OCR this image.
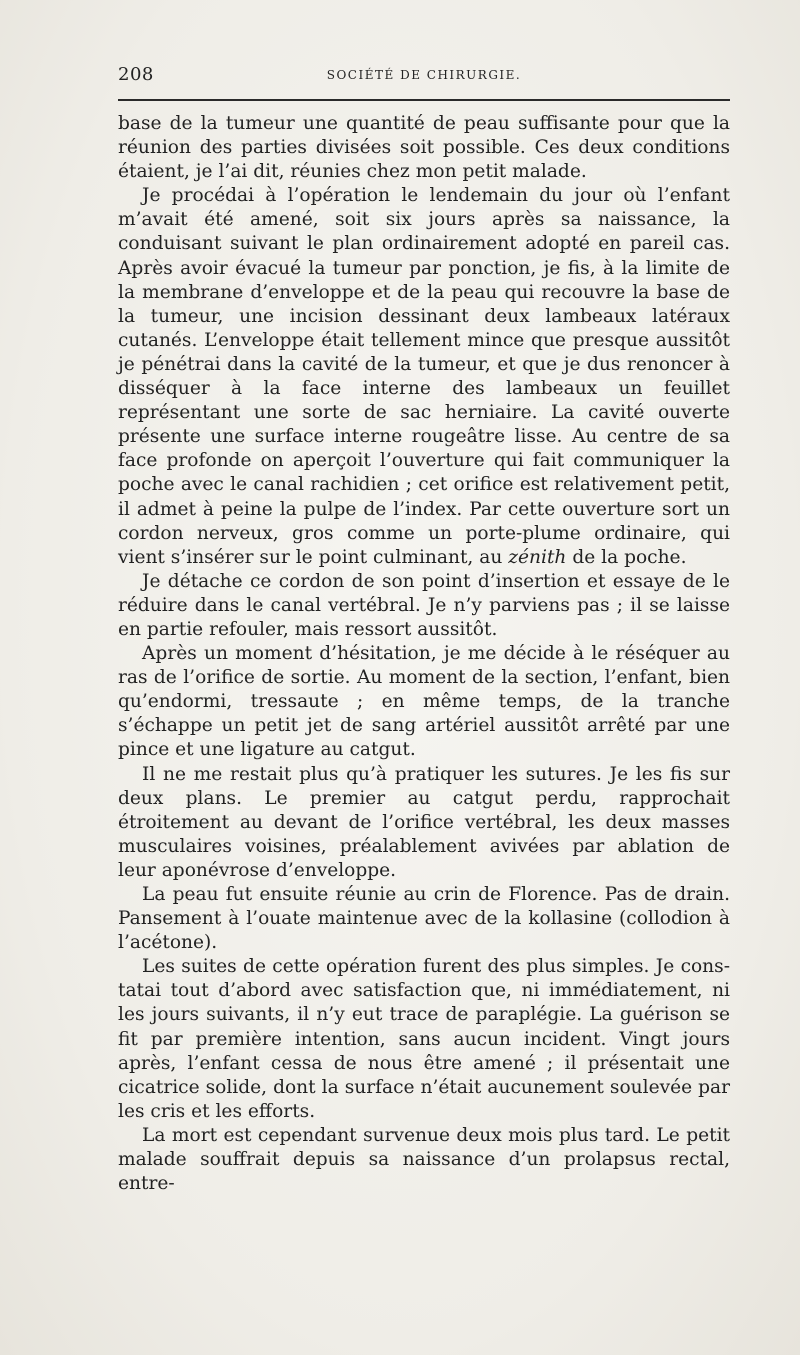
208	SOCIÉTÉ DE CHIRURGIE.

base de la tumeur une quantité de peau suffisante pour que la réunion des parties divisées soit possible. Ces deux conditions étaient, je l’ai dit, réunies chez mon petit malade.

Je procédai à l’opération le lendemain du jour où l’enfant m’avait été amené, soit six jours après sa naissance, la conduisant suivant le plan ordinairement adopté en pareil cas. Après avoir évacué la tumeur par ponction, je fis, à la limite de la membrane d’enveloppe et de la peau qui recouvre la base de la tumeur, une incision dessinant deux lambeaux latéraux cutanés. L’enveloppe était tellement mince que presque aussitôt je pénétrai dans la cavité de la tumeur, et que je dus renoncer à disséquer à la face interne des lambeaux un feuillet représentant une sorte de sac herniaire. La cavité ouverte présente une surface interne rougeâtre lisse. Au centre de sa face profonde on aperçoit l’ouverture qui fait communiquer la poche avec le canal rachidien ; cet orifice est relativement petit, il admet à peine la pulpe de l’index. Par cette ouverture sort un cordon nerveux, gros comme un porte-plume ordinaire, qui vient s’insérer sur le point culminant, au zénith de la poche.

Je détache ce cordon de son point d’insertion et essaye de le réduire dans le canal vertébral. Je n’y parviens pas ; il se laisse en partie refouler, mais ressort aussitôt.

Après un moment d’hésitation, je me décide à le réséquer au ras de l’orifice de sortie. Au moment de la section, l’enfant, bien qu’endormi, tressaute ; en même temps, de la tranche s’échappe un petit jet de sang artériel aussitôt arrêté par une pince et une ligature au catgut.

Il ne me restait plus qu’à pratiquer les sutures. Je les fis sur deux plans. Le premier au catgut perdu, rapprochait étroitement au devant de l’orifice vertébral, les deux masses musculaires voisines, préalablement avivées par ablation de leur aponévrose d’enveloppe.

La peau fut ensuite réunie au crin de Florence. Pas de drain. Pansement à l’ouate maintenue avec de la kollasine (collodion à l’acétone).

Les suites de cette opération furent des plus simples. Je constatai tout d’abord avec satisfaction que, ni immédiatement, ni les jours suivants, il n’y eut trace de paraplégie. La guérison se fit par première intention, sans aucun incident. Vingt jours après, l’enfant cessa de nous être amené ; il présentait une cicatrice solide, dont la surface n’était aucunement soulevée par les cris et les efforts.

La mort est cependant survenue deux mois plus tard. Le petit malade souffrait depuis sa naissance d’un prolapsus rectal, entre-
